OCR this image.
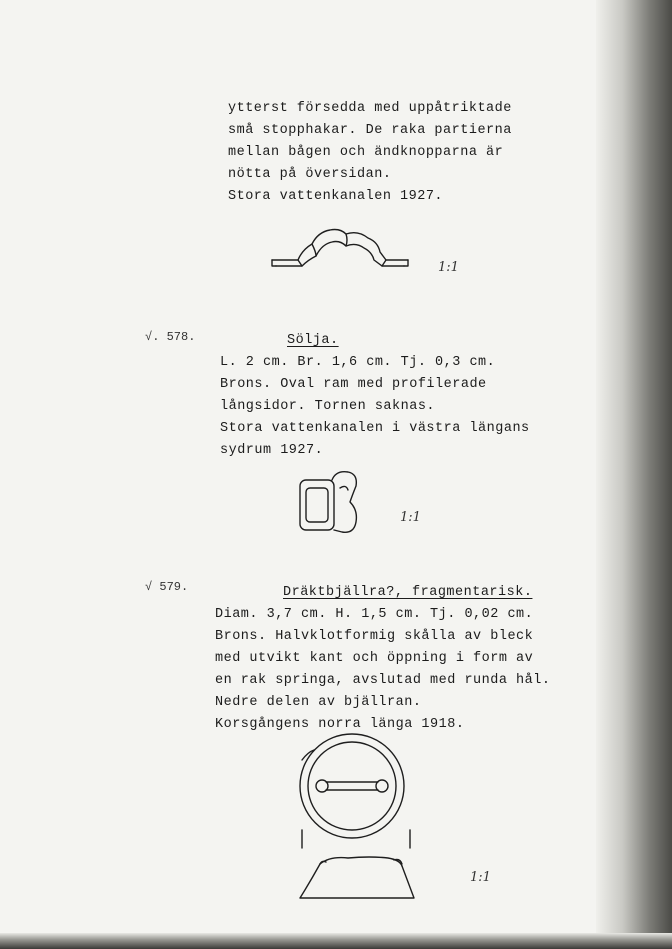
ytterst försedda med uppåtriktade
små stopphakar. De raka partierna
mellan bågen och ändknopparna är
nötta på översidan.
Stora vattenkanalen 1927.
1:1
√. 578.	Sölja.
L. 2 cm. Br. 1,6 cm. Tj. 0,3 cm.
Brons. Oval ram med profilerade
långsidor. Tornen saknas.
Stora vattenkanalen i västra längans
sydrum 1927.
1:1
√ 579.	Dräktbjällra?, fragmentarisk.
Diam. 3,7 cm. H. 1,5 cm. Tj. 0,02 cm.
Brons. Halvklotformig skålla av bleck
med utvikt kant och öppning i form av
en rak springa, avslutad med runda hål.
Nedre delen av bjällran.
Korsgångens norra länga 1918.
1:1
